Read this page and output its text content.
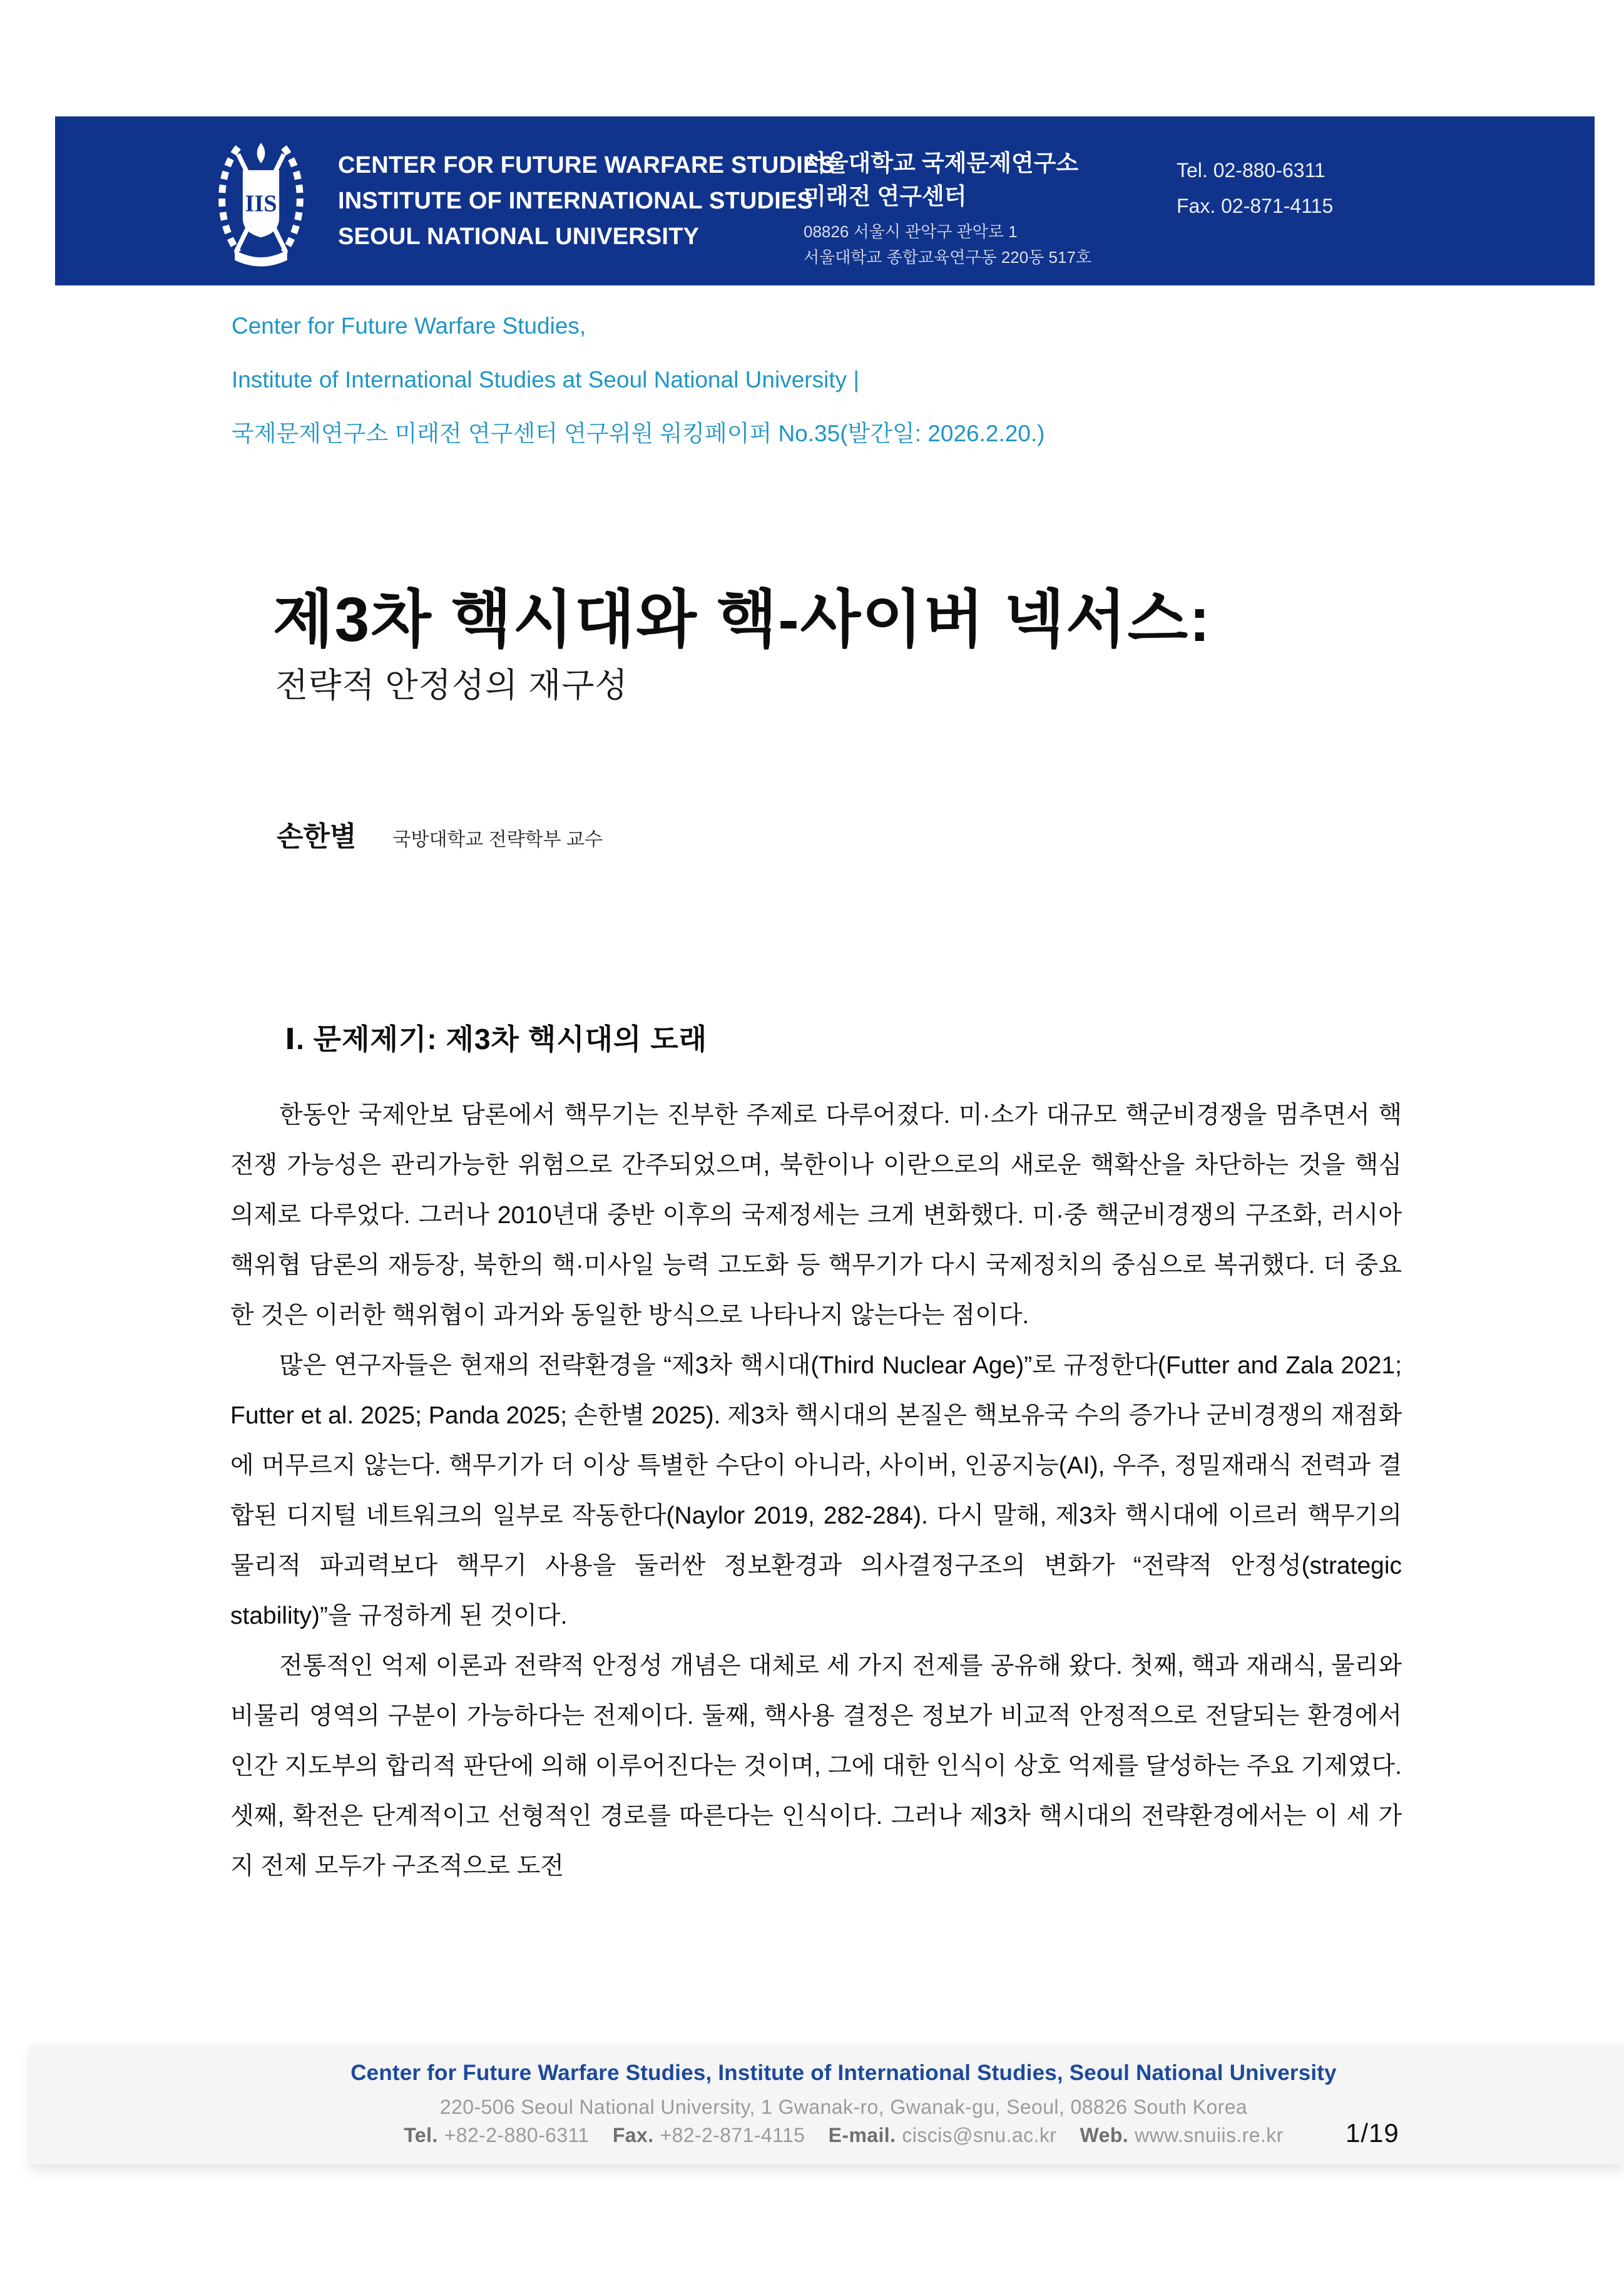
IIS
CENTER FOR FUTURE WARFARE STUDIES
INSTITUTE OF INTERNATIONAL STUDIES
SEOUL NATIONAL UNIVERSITY
서울대학교 국제문제연구소
미래전 연구센터
08826 서울시 관악구 관악로 1
서울대학교 종합교육연구동 220동 517호
Tel. 02-880-6311
Fax. 02-871-4115
Center for Future Warfare Studies,
Institute of International Studies at Seoul National University |
국제문제연구소 미래전 연구센터 연구위원 워킹페이퍼 No.35(발간일: 2026.2.20.)
제3차 핵시대와 핵-사이버 넥서스:
전략적 안정성의 재구성
손한별 국방대학교 전략학부 교수
Ⅰ. 문제제기: 제3차 핵시대의 도래

한동안 국제안보 담론에서 핵무기는 진부한 주제로 다루어졌다. 미·소가 대규모 핵군비경쟁을 멈추면서 핵전쟁 가능성은 관리가능한 위험으로 간주되었으며, 북한이나 이란으로의 새로운 핵확산을 차단하는 것을 핵심 의제로 다루었다. 그러나 2010년대 중반 이후의 국제정세는 크게 변화했다. 미·중 핵군비경쟁의 구조화, 러시아 핵위협 담론의 재등장, 북한의 핵·미사일 능력 고도화 등 핵무기가 다시 국제정치의 중심으로 복귀했다. 더 중요한 것은 이러한 핵위협이 과거와 동일한 방식으로 나타나지 않는다는 점이다.

많은 연구자들은 현재의 전략환경을 “제3차 핵시대(Third Nuclear Age)”로 규정한다(Futter and Zala 2021; Futter et al. 2025; Panda 2025; 손한별 2025). 제3차 핵시대의 본질은 핵보유국 수의 증가나 군비경쟁의 재점화에 머무르지 않는다. 핵무기가 더 이상 특별한 수단이 아니라, 사이버, 인공지능(AI), 우주, 정밀재래식 전력과 결합된 디지털 네트워크의 일부로 작동한다(Naylor 2019, 282-284). 다시 말해, 제3차 핵시대에 이르러 핵무기의 물리적 파괴력보다 핵무기 사용을 둘러싼 정보환경과 의사결정구조의 변화가 “전략적 안정성(strategic stability)”을 규정하게 된 것이다.

전통적인 억제 이론과 전략적 안정성 개념은 대체로 세 가지 전제를 공유해 왔다. 첫째, 핵과 재래식, 물리와 비물리 영역의 구분이 가능하다는 전제이다. 둘째, 핵사용 결정은 정보가 비교적 안정적으로 전달되는 환경에서 인간 지도부의 합리적 판단에 의해 이루어진다는 것이며, 그에 대한 인식이 상호 억제를 달성하는 주요 기제였다. 셋째, 확전은 단계적이고 선형적인 경로를 따른다는 인식이다. 그러나 제3차 핵시대의 전략환경에서는 이 세 가지 전제 모두가 구조적으로 도전

Center for Future Warfare Studies, Institute of International Studies, Seoul National University
220-506 Seoul National University, 1 Gwanak-ro, Gwanak-gu, Seoul, 08826 South Korea
Tel. +82-2-880-6311 Fax. +82-2-871-4115 E-mail. ciscis@snu.ac.kr Web. www.snuiis.re.kr	1/19
